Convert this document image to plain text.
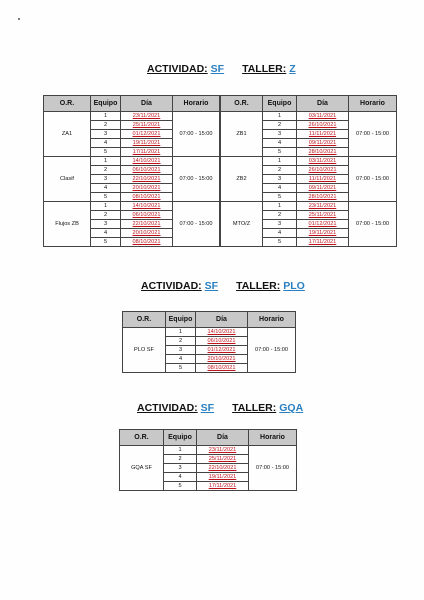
ACTIVIDAD: SF TALLER: Z
O.R.	Equipo	Día	Horario
ZA1	1	23/11/2021	07:00 - 15:00
	2	25/11/2021	
	3	01/12/2021	
	4	19/11/2021	
	5	17/11/2021	
Clasif	1	14/10/2021	07:00 - 15:00
	2	06/10/2021	
	3	22/10/2021	
	4	20/10/2021	
	5	08/10/2021	
Flujos ZB	1	14/10/2021	07:00 - 15:00
	2	06/10/2021	
	3	22/10/2021	
	4	20/10/2021	
	5	08/10/2021	
O.R.	Equipo	Día	Horario
ZB1	1	03/11/2021	07:00 - 15:00
	2	26/10/2021	
	3	11/11/2021	
	4	09/11/2021	
	5	28/10/2021	
ZB2	1	03/11/2021	07:00 - 15:00
	2	26/10/2021	
	3	11/11/2021	
	4	09/11/2021	
	5	28/10/2021	
MTO/Z	1	23/11/2021	07:00 - 15:00
	2	25/11/2021	
	3	01/12/2021	
	4	19/11/2021	
	5	17/11/2021	
ACTIVIDAD: SF TALLER: PLO
O.R.	Equipo	Día	Horario
PLO SF	1	14/10/2021	07:00 - 15:00
	2	06/10/2021	
	3	01/12/2021	
	4	20/10/2021	
	5	08/10/2021	
ACTIVIDAD: SF TALLER: GQA
O.R.	Equipo	Día	Horario
GQA SF	1	23/11/2021	07:00 - 15:00
	2	25/11/2021	
	3	22/10/2021	
	4	19/11/2021	
	5	17/11/2021	
